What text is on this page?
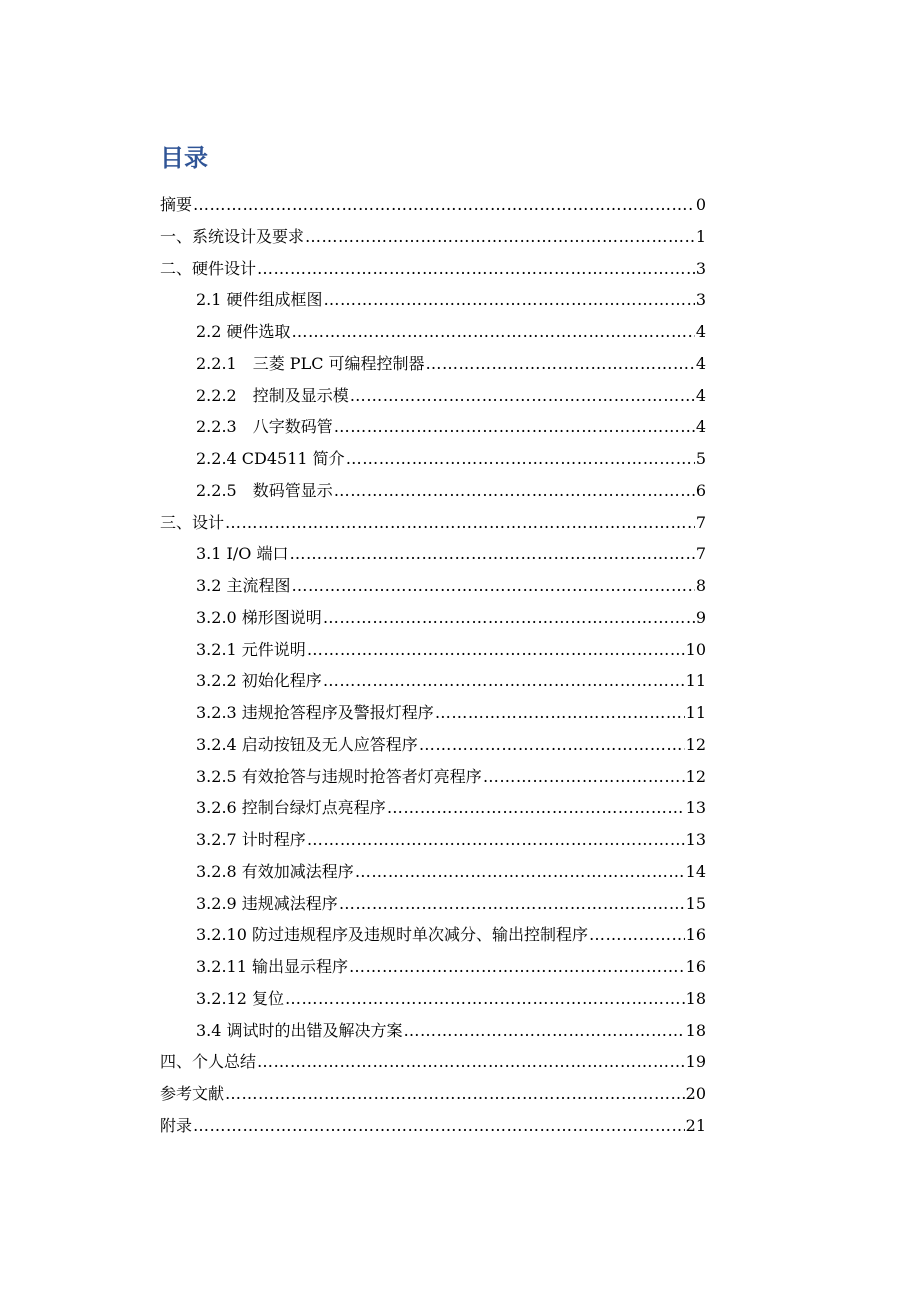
目录
摘要 ……………………………………………………………………………………………………………………………………	0
一、系统设计及要求 ……………………………………………………………………………………………………………………………………	1
二、硬件设计 ……………………………………………………………………………………………………………………………………	3
2.1 硬件组成框图 ……………………………………………………………………………………………………………………………………	3
2.2 硬件选取 ……………………………………………………………………………………………………………………………………	4
2.2.1　三菱 PLC 可编程控制器 ……………………………………………………………………………………………………………………………………	4
2.2.2　控制及显示模 ……………………………………………………………………………………………………………………………………	4
2.2.3　八字数码管 ……………………………………………………………………………………………………………………………………	4
2.2.4 CD4511 简介 ……………………………………………………………………………………………………………………………………	5
2.2.5　数码管显示 ……………………………………………………………………………………………………………………………………	6
三、设计 ……………………………………………………………………………………………………………………………………	7
3.1 I/O 端口 ……………………………………………………………………………………………………………………………………	7
3.2 主流程图 ……………………………………………………………………………………………………………………………………	8
3.2.0 梯形图说明 ……………………………………………………………………………………………………………………………………	9
3.2.1 元件说明 ……………………………………………………………………………………………………………………………………	10
3.2.2 初始化程序 ……………………………………………………………………………………………………………………………………	11
3.2.3 违规抢答程序及警报灯程序 ……………………………………………………………………………………………………………………………………	11
3.2.4 启动按钮及无人应答程序 ……………………………………………………………………………………………………………………………………	12
3.2.5 有效抢答与违规时抢答者灯亮程序 ……………………………………………………………………………………………………………………………………	12
3.2.6 控制台绿灯点亮程序 ……………………………………………………………………………………………………………………………………	13
3.2.7 计时程序 ……………………………………………………………………………………………………………………………………	13
3.2.8 有效加减法程序 ……………………………………………………………………………………………………………………………………	14
3.2.9 违规减法程序 ……………………………………………………………………………………………………………………………………	15
3.2.10 防过违规程序及违规时单次减分、输出控制程序 ……………………………………………………………………………………………………………………………………	16
3.2.11 输出显示程序 ……………………………………………………………………………………………………………………………………	16
3.2.12 复位 ……………………………………………………………………………………………………………………………………	18
3.4 调试时的出错及解决方案 ……………………………………………………………………………………………………………………………………	18
四、个人总结 ……………………………………………………………………………………………………………………………………	19
参考文献 ……………………………………………………………………………………………………………………………………	20
附录 ……………………………………………………………………………………………………………………………………	21
